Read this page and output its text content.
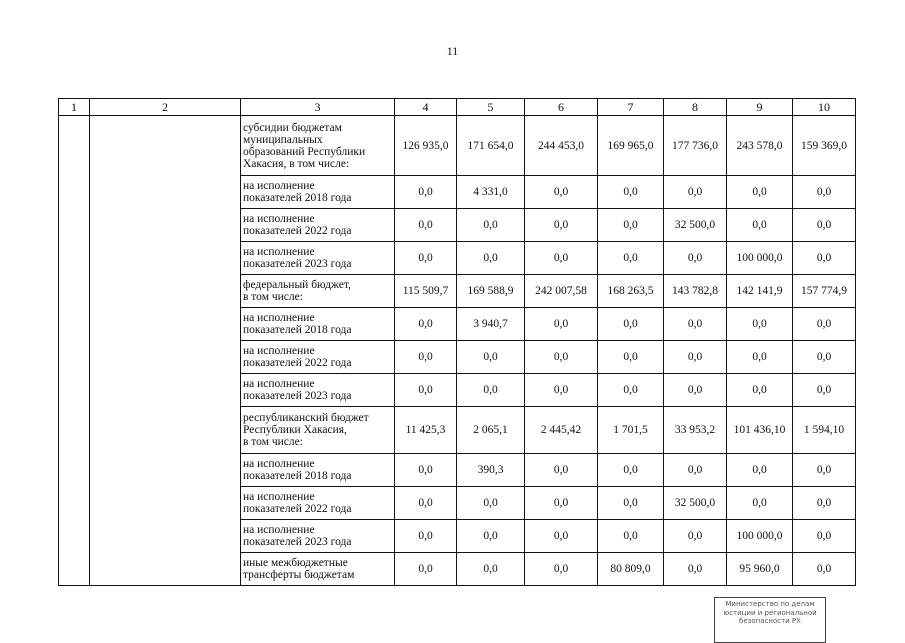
11
1	2	3	4	5	6	7	8	9	10

		субсидии бюджетам
муниципальных
образований Республики
Хакасия, в том числе:	126 935,0	171 654,0	244 453,0	169 965,0	177 736,0	243 578,0	159 369,0

		на исполнение
показателей 2018 года	0,0	4 331,0	0,0	0,0	0,0	0,0	0,0

		на исполнение
показателей 2022 года	0,0	0,0	0,0	0,0	32 500,0	0,0	0,0

		на исполнение
показателей 2023 года	0,0	0,0	0,0	0,0	0,0	100 000,0	0,0

		федеральный бюджет,
в том числе:	115 509,7	169 588,9	242 007,58	168 263,5	143 782,8	142 141,9	157 774,9

		на исполнение
показателей 2018 года	0,0	3 940,7	0,0	0,0	0,0	0,0	0,0

		на исполнение
показателей 2022 года	0,0	0,0	0,0	0,0	0,0	0,0	0,0

		на исполнение
показателей 2023 года	0,0	0,0	0,0	0,0	0,0	0,0	0,0

		республиканский бюджет
Республики Хакасия,
в том числе:	11 425,3	2 065,1	2 445,42	1 701,5	33 953,2	101 436,10	1 594,10

		на исполнение
показателей 2018 года	0,0	390,3	0,0	0,0	0,0	0,0	0,0

		на исполнение
показателей 2022 года	0,0	0,0	0,0	0,0	32 500,0	0,0	0,0

		на исполнение
показателей 2023 года	0,0	0,0	0,0	0,0	0,0	100 000,0	0,0

		иные межбюджетные
трансферты бюджетам	0,0	0,0	0,0	80 809,0	0,0	95 960,0	0,0
Министерство по делам
юстиции и региональной
безопасности РХ
